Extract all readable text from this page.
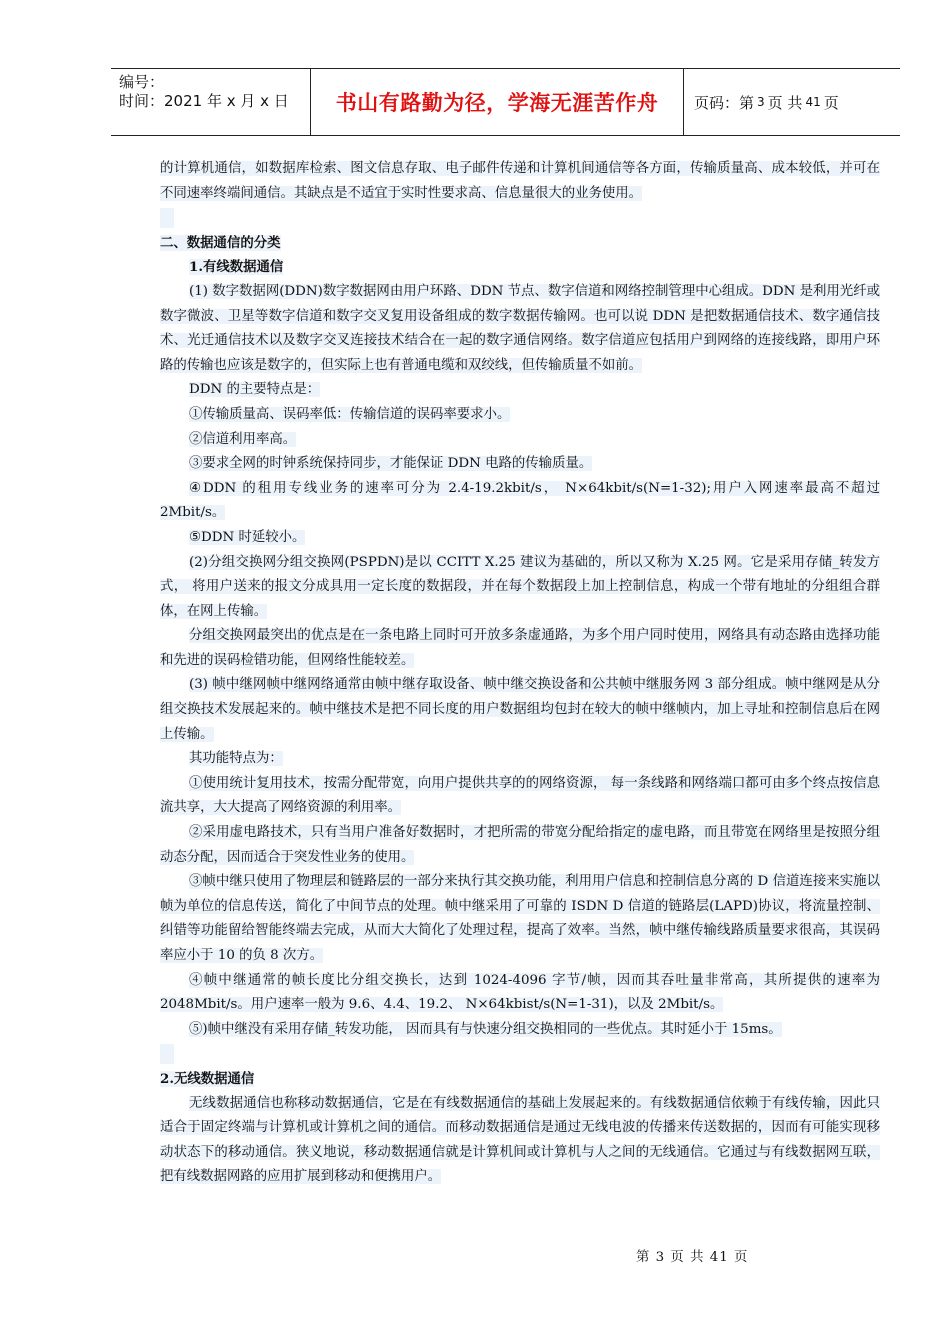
编号：
时间：2021 年 x 月 x 日	书山有路勤为径，学海无涯苦作舟	页码：第 3 页 共 41 页

的计算机通信，如数据库检索、图文信息存取、电子邮件传递和计算机间通信等各方面，传输质量高、成本较低，并可在不同速率终端间通信。其缺点是不适宜于实时性要求高、信息量很大的业务使用。

二、数据通信的分类

1.有线数据通信

(1) 数字数据网(DDN)数字数据网由用户环路、DDN 节点、数字信道和网络控制管理中心组成。DDN 是利用光纤或数字微波、卫星等数字信道和数字交叉复用设备组成的数字数据传输网。也可以说 DDN 是把数据通信技术、数字通信技术、光迁通信技术以及数字交叉连接技术结合在一起的数字通信网络。数字信道应包括用户到网络的连接线路，即用户环路的传输也应该是数字的，但实际上也有普通电缆和双绞线，但传输质量不如前。

DDN 的主要特点是：

①传输质量高、误码率低：传输信道的误码率要求小。

②信道利用率高。

③要求全网的时钟系统保持同步，才能保证 DDN 电路的传输质量。

④DDN 的租用专线业务的速率可分为 2.4-19.2kbit/s， N×64kbit/s(N=1-32);用户入网速率最高不超过 2Mbit/s。

⑤DDN 时延较小。

(2)分组交换网分组交换网(PSPDN)是以 CCITT X.25 建议为基础的，所以又称为 X.25 网。它是采用存储_转发方式， 将用户送来的报文分成具用一定长度的数据段，并在每个数据段上加上控制信息，构成一个带有地址的分组组合群体，在网上传输。

分组交换网最突出的优点是在一条电路上同时可开放多条虚通路，为多个用户同时使用，网络具有动态路由选择功能和先进的误码检错功能，但网络性能较差。

(3) 帧中继网帧中继网络通常由帧中继存取设备、帧中继交换设备和公共帧中继服务网 3 部分组成。帧中继网是从分组交换技术发展起来的。帧中继技术是把不同长度的用户数据组均包封在较大的帧中继帧内，加上寻址和控制信息后在网上传输。

其功能特点为：

①使用统计复用技术，按需分配带宽，向用户提供共享的的网络资源， 每一条线路和网络端口都可由多个终点按信息流共享，大大提高了网络资源的利用率。

②采用虚电路技术，只有当用户准备好数据时，才把所需的带宽分配给指定的虚电路，而且带宽在网络里是按照分组动态分配，因而适合于突发性业务的使用。

③帧中继只使用了物理层和链路层的一部分来执行其交换功能，利用用户信息和控制信息分离的 D 信道连接来实施以帧为单位的信息传送，简化了中间节点的处理。帧中继采用了可靠的 ISDN D 信道的链路层(LAPD)协议，将流量控制、纠错等功能留给智能终端去完成，从而大大简化了处理过程，提高了效率。当然，帧中继传输线路质量要求很高，其误码率应小于 10 的负 8 次方。

④帧中继通常的帧长度比分组交换长，达到 1024-4096 字节/帧，因而其吞吐量非常高，其所提供的速率为 2048Mbit/s。用户速率一般为 9.6、4.4、19.2、 N×64kbist/s(N=1-31)，以及 2Mbit/s。

⑤)帧中继没有采用存储_转发功能， 因而具有与快速分组交换相同的一些优点。其时延小于 15ms。

2.无线数据通信

无线数据通信也称移动数据通信，它是在有线数据通信的基础上发展起来的。有线数据通信依赖于有线传输，因此只适合于固定终端与计算机或计算机之间的通信。而移动数据通信是通过无线电波的传播来传送数据的，因而有可能实现移动状态下的移动通信。狭义地说，移动数据通信就是计算机间或计算机与人之间的无线通信。它通过与有线数据网互联，把有线数据网路的应用扩展到移动和便携用户。

第 3 页 共 41 页
